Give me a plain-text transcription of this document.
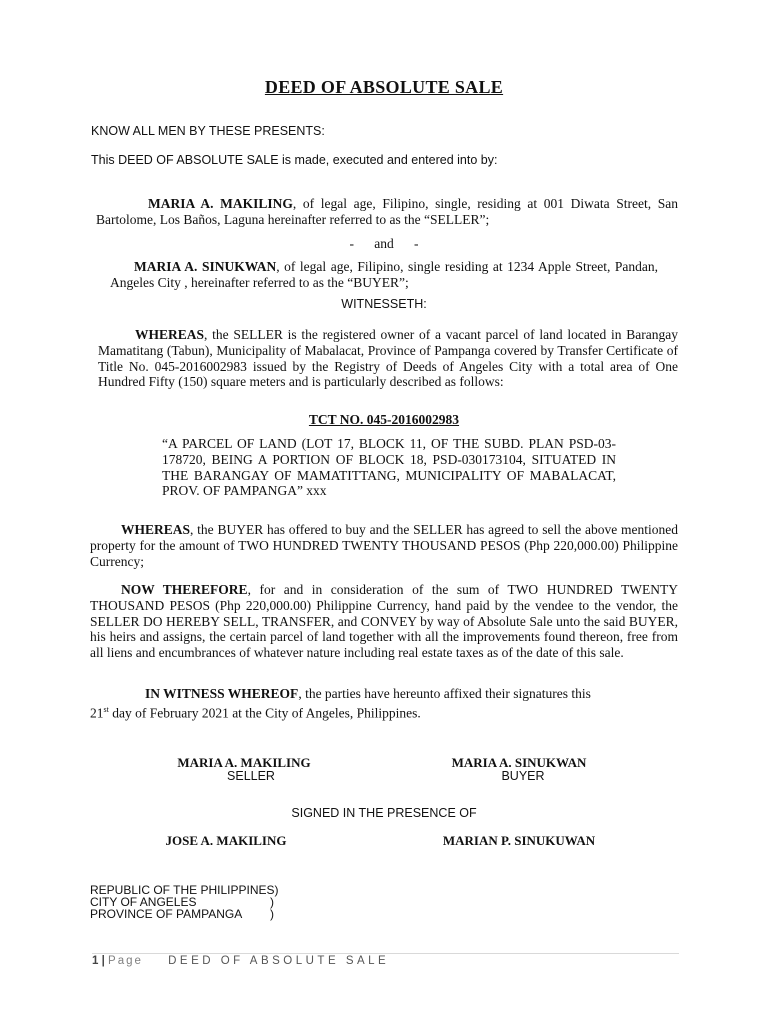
DEED OF ABSOLUTE SALE
KNOW ALL MEN BY THESE PRESENTS:
This DEED OF ABSOLUTE SALE is made, executed and entered into by:
MARIA A. MAKILING, of legal age, Filipino, single, residing at 001 Diwata Street, San Bartolome, Los Baños, Laguna hereinafter referred to as the “SELLER”;
-      and      -
MARIA A. SINUKWAN, of legal age, Filipino, single residing at 1234 Apple Street, Pandan, Angeles City , hereinafter referred to as the “BUYER”;
WITNESSETH:
WHEREAS, the SELLER is the registered owner of a vacant parcel of land located in Barangay Mamatitang (Tabun), Municipality of Mabalacat, Province of Pampanga covered by Transfer Certificate of Title No. 045-2016002983 issued by the Registry of Deeds of Angeles City with a total area of One Hundred Fifty (150) square meters and is particularly described as follows:
TCT NO. 045-2016002983
“A PARCEL OF LAND (LOT 17, BLOCK 11, OF THE SUBD. PLAN PSD-03-178720, BEING A PORTION OF BLOCK 18, PSD-030173104, SITUATED IN THE BARANGAY OF MAMATITTANG, MUNICIPALITY OF MABALACAT, PROV. OF PAMPANGA” xxx
WHEREAS, the BUYER has offered to buy and the SELLER has agreed to sell the above mentioned property for the amount of TWO HUNDRED TWENTY THOUSAND PESOS (Php 220,000.00) Philippine Currency;
NOW THEREFORE, for and in consideration of the sum of TWO HUNDRED TWENTY THOUSAND PESOS (Php 220,000.00) Philippine Currency, hand paid by the vendee to the vendor, the SELLER DO HEREBY SELL, TRANSFER, and CONVEY by way of Absolute Sale unto the said BUYER, his heirs and assigns, the certain parcel of land together with all the improvements found thereon, free from all liens and encumbrances of whatever nature including real estate taxes as of the date of this sale.
IN WITNESS WHEREOF, the parties have hereunto affixed their signatures this
21st day of February 2021 at the City of Angeles, Philippines.
MARIA A. MAKILING
SELLER
MARIA A. SINUKWAN
BUYER
SIGNED IN THE PRESENCE OF
JOSE A. MAKILING	MARIAN P. SINUKUWAN
REPUBLIC OF THE PHILIPPINES)
CITY OF ANGELES	)
PROVINCE OF PAMPANGA )
1 | Page DEED OF ABSOLUTE SALE
